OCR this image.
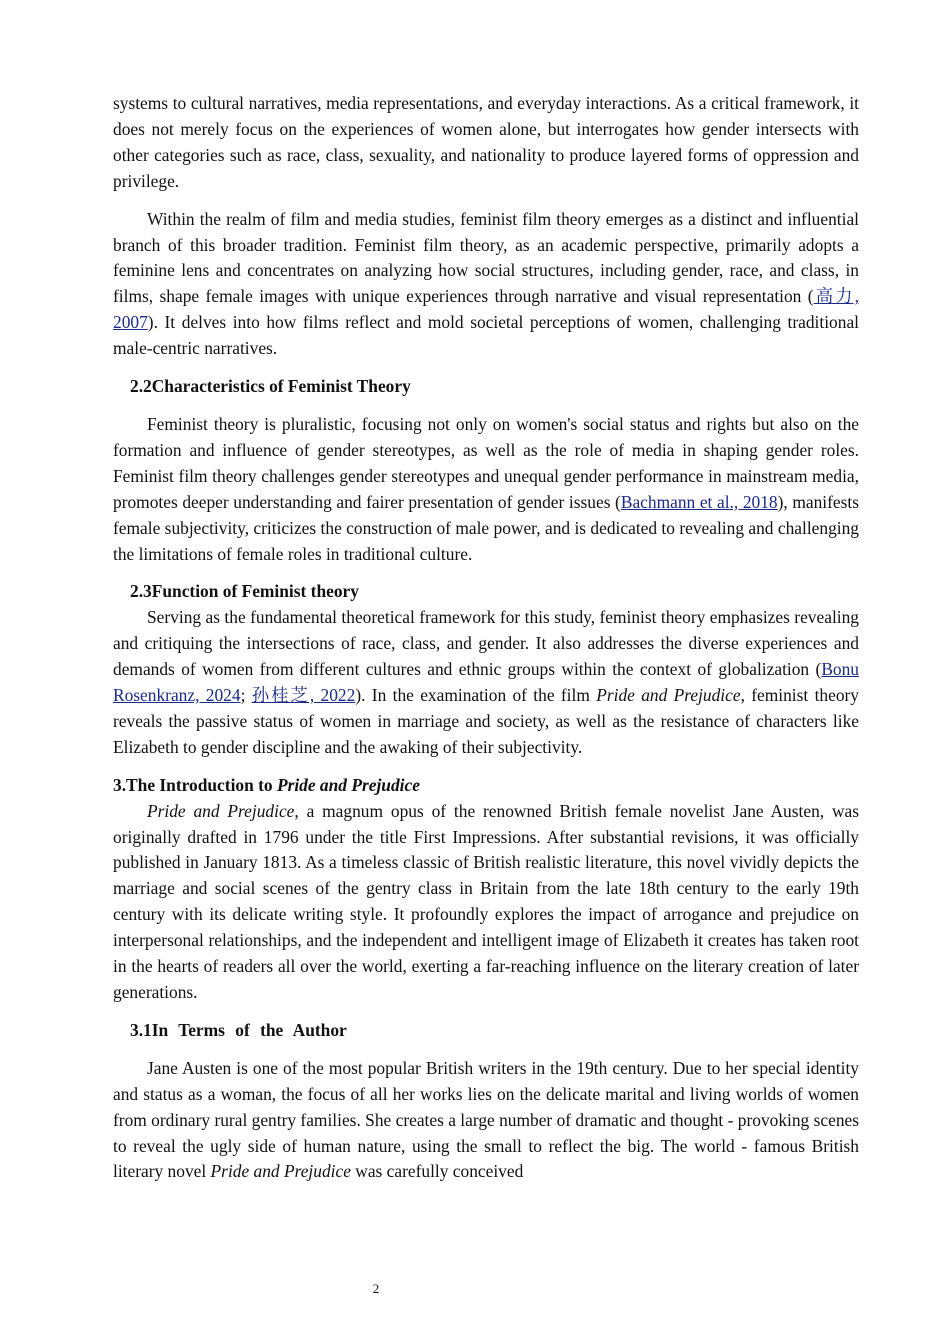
systems to cultural narratives, media representations, and everyday interactions. As a critical framework, it does not merely focus on the experiences of women alone, but interrogates how gender intersects with other categories such as race, class, sexuality, and nationality to produce layered forms of oppression and privilege.

Within the realm of film and media studies, feminist film theory emerges as a distinct and influential branch of this broader tradition. Feminist film theory, as an academic perspective, primarily adopts a feminine lens and concentrates on analyzing how social structures, including gender, race, and class, in films, shape female images with unique experiences through narrative and visual representation (高力, 2007). It delves into how films reflect and mold societal perceptions of women, challenging traditional male-centric narratives.

2.2Characteristics of Feminist Theory

Feminist theory is pluralistic, focusing not only on women's social status and rights but also on the formation and influence of gender stereotypes, as well as the role of media in shaping gender roles. Feminist film theory challenges gender stereotypes and unequal gender performance in mainstream media, promotes deeper understanding and fairer presentation of gender issues (Bachmann et al., 2018), manifests female subjectivity, criticizes the construction of male power, and is dedicated to revealing and challenging the limitations of female roles in traditional culture.

2.3Function of Feminist theory

Serving as the fundamental theoretical framework for this study, feminist theory emphasizes revealing and critiquing the intersections of race, class, and gender. It also addresses the diverse experiences and demands of women from different cultures and ethnic groups within the context of globalization (Bonu Rosenkranz, 2024; 孙桂芝, 2022). In the examination of the film Pride and Prejudice, feminist theory reveals the passive status of women in marriage and society, as well as the resistance of characters like Elizabeth to gender discipline and the awaking of their subjectivity.

3.The Introduction to Pride and Prejudice

Pride and Prejudice, a magnum opus of the renowned British female novelist Jane Austen, was originally drafted in 1796 under the title First Impressions. After substantial revisions, it was officially published in January 1813. As a timeless classic of British realistic literature, this novel vividly depicts the marriage and social scenes of the gentry class in Britain from the late 18th century to the early 19th century with its delicate writing style. It profoundly explores the impact of arrogance and prejudice on interpersonal relationships, and the independent and intelligent image of Elizabeth it creates has taken root in the hearts of readers all over the world, exerting a far-reaching influence on the literary creation of later generations.

3.1In Terms of the Author

Jane Austen is one of the most popular British writers in the 19th century. Due to her special identity and status as a woman, the focus of all her works lies on the delicate marital and living worlds of women from ordinary rural gentry families. She creates a large number of dramatic and thought - provoking scenes to reveal the ugly side of human nature, using the small to reflect the big. The world - famous British literary novel Pride and Prejudice was carefully conceived

2
